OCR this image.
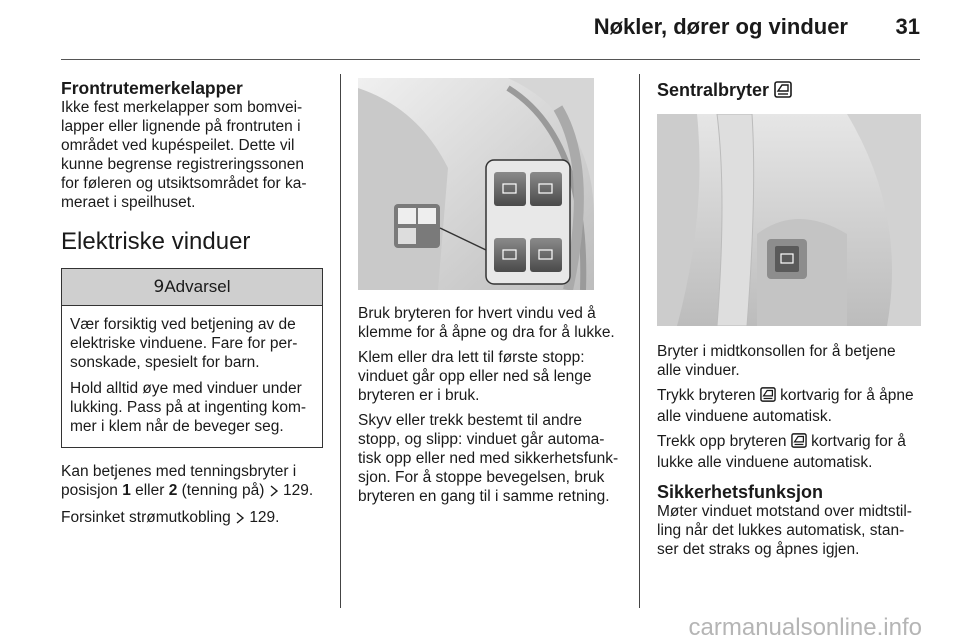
Nøkler, dører og vinduer 31
Frontrutemerkelapper

Ikke fest merkelapper som bomvei-lapper eller lignende på frontruten i området ved kupéspeilet. Dette vil kunne begrense registreringssonen for føleren og utsiktsområdet for ka-meraet i speilhuset.

Elektriske vinduer
9 Advarsel

Vær forsiktig ved betjening av de elektriske vinduene. Fare for per-sonskade, spesielt for barn.

Hold alltid øye med vinduer under lukking. Pass på at ingenting kom-mer i klem når de beveger seg.

Kan betjenes med tenningsbryter i posisjon 1 eller 2 (tenning på)  129.

Forsinket strømutkobling  129.

Bruk bryteren for hvert vindu ved å klemme for å åpne og dra for å lukke.

Klem eller dra lett til første stopp: vinduet går opp eller ned så lenge bryteren er i bruk.

Skyv eller trekk bestemt til andre stopp, og slipp: vinduet går automa-tisk opp eller ned med sikkerhetsfunk-sjon. For å stoppe bevegelsen, bruk bryteren en gang til i samme retning.

Sentralbryter

Bryter i midtkonsollen for å betjene alle vinduer.

Trykk bryteren  kortvarig for å åpne alle vinduene automatisk.

Trekk opp bryteren  kortvarig for å lukke alle vinduene automatisk.

Sikkerhetsfunksjon

Møter vinduet motstand over midtstil-ling når det lukkes automatisk, stan-ser det straks og åpnes igjen.

carmanualsonline.info
